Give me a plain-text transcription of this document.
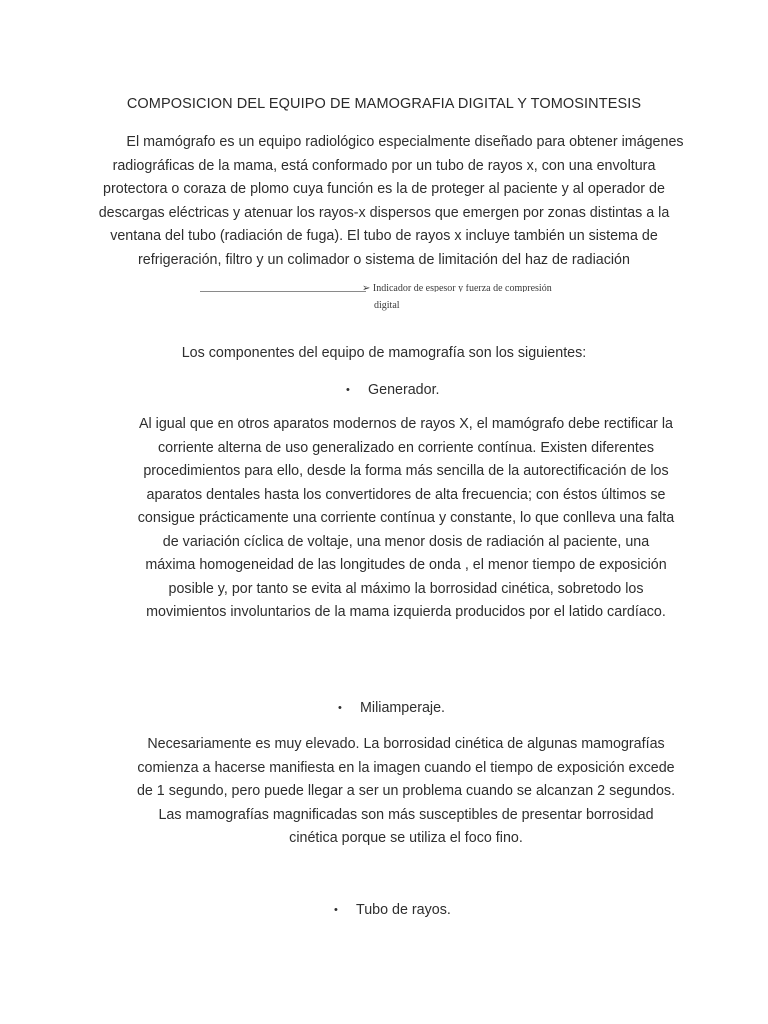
COMPOSICION DEL EQUIPO DE MAMOGRAFIA DIGITAL Y TOMOSINTESIS

El mamógrafo es un equipo radiológico especialmente diseñado para obtener imágenes radiográficas de la mama, está conformado por un tubo de rayos x, con una envoltura protectora o coraza de plomo cuya función es la de proteger al paciente y al operador de descargas eléctricas y atenuar los rayos-x dispersos que emergen por zonas distintas a la ventana del tubo (radiación de fuga). El tubo de rayos x incluye también un sistema de refrigeración, filtro y un colimador o sistema de limitación del haz de radiación

➢ Indicador de espesor y fuerza de compresión
digital
Los componentes del equipo de mamografía son los siguientes:
• Generador.

Al igual que en otros aparatos modernos de rayos X, el mamógrafo debe rectificar la corriente alterna de uso generalizado en corriente contínua. Existen diferentes procedimientos para ello, desde la forma más sencilla de la autorectificación de los aparatos dentales hasta los convertidores de alta frecuencia; con éstos últimos se consigue prácticamente una corriente contínua y constante, lo que conlleva una falta de variación cíclica de voltaje, una menor dosis de radiación al paciente, una máxima homogeneidad de las longitudes de onda , el menor tiempo de exposición posible y, por tanto se evita al máximo la borrosidad cinética, sobretodo los movimientos involuntarios de la mama izquierda producidos por el latido cardíaco.

• Miliamperaje.

Necesariamente es muy elevado. La borrosidad cinética de algunas mamografías comienza a hacerse manifiesta en la imagen cuando el tiempo de exposición excede de 1 segundo, pero puede llegar a ser un problema cuando se alcanzan 2 segundos. Las mamografías magnificadas son más susceptibles de presentar borrosidad cinética porque se utiliza el foco fino.

• Tubo de rayos.
